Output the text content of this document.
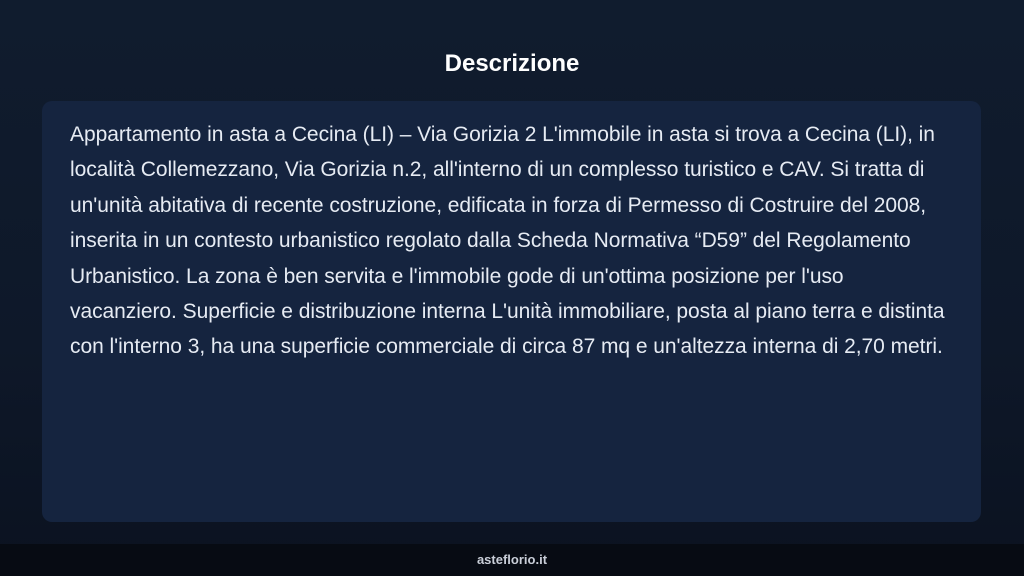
Descrizione

Appartamento in asta a Cecina (LI) – Via Gorizia 2 L'immobile in asta si trova a Cecina (LI), in località Collemezzano, Via Gorizia n.2, all'interno di un complesso turistico e CAV. Si tratta di un'unità abitativa di recente costruzione, edificata in forza di Permesso di Costruire del 2008, inserita in un contesto urbanistico regolato dalla Scheda Normativa “D59” del Regolamento Urbanistico. La zona è ben servita e l'immobile gode di un'ottima posizione per l'uso vacanziero. Superficie e distribuzione interna L'unità immobiliare, posta al piano terra e distinta con l'interno 3, ha una superficie commerciale di circa 87 mq e un'altezza interna di 2,70 metri.

asteflorio.it
